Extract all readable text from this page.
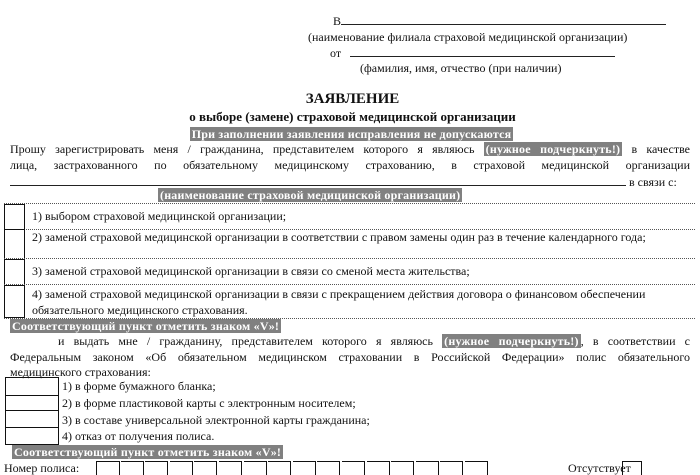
В
(наименование филиала страховой медицинской организации)
от
(фамилия, имя, отчество (при наличии)
ЗАЯВЛЕНИЕ
о выборе (замене) страховой медицинской организации
При заполнении заявления исправления не допускаются
Прошу зарегистрировать меня / гражданина, представителем которого я являюсь (нужное подчеркнуть!) в качестве
лица, застрахованного по обязательному медицинскому страхованию, в страховой медицинской организации
в связи с:
(наименование страховой медицинской организации)
1) выбором страховой медицинской организации;
2) заменой страховой медицинской организации в соответствии с правом замены один раз в течение календарного года;
3) заменой страховой медицинской организации в связи со сменой места жительства;
4) заменой страховой медицинской организации в связи с прекращением действия договора о финансовом обеспечении обязательного медицинского страхования.
Соответствующий пункт отметить знаком «V»!
и выдать мне / гражданину, представителем которого я являюсь (нужное подчеркнуть!) , в соответствии с
Федеральным законом «Об обязательном медицинском страховании в Российской Федерации» полис обязательного
медицинского страхования:
1) в форме бумажного бланка;
2) в форме пластиковой карты с электронным носителем;
3) в составе универсальной электронной карты гражданина;
4) отказ от получения полиса.
Соответствующий пункт отметить знаком «V»!
Номер полиса:	Отсутствует
